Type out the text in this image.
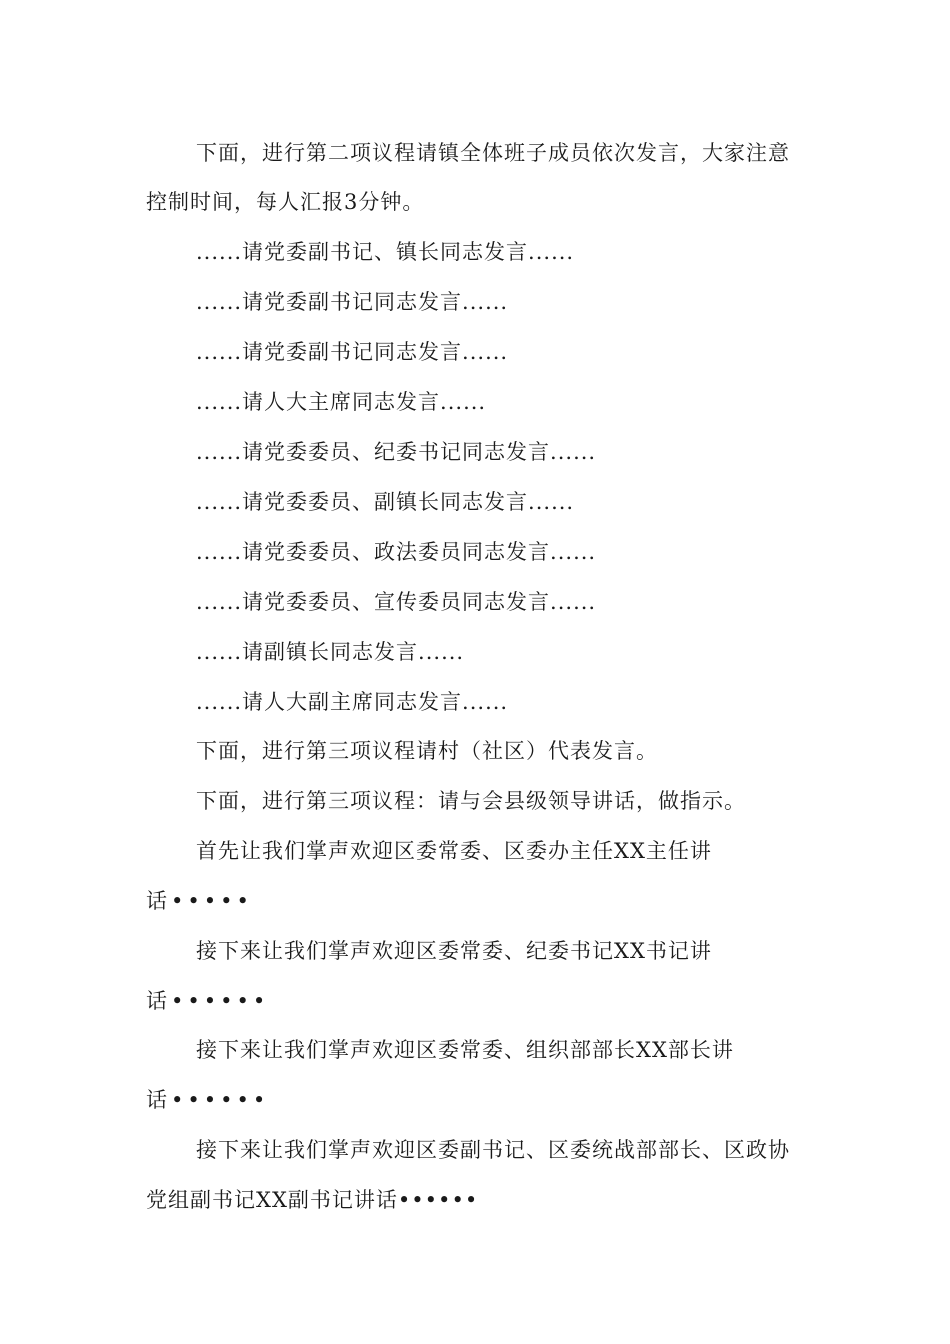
下面，进行第二项议程请镇全体班子成员依次发言，大家注意
控制时间，每人汇报3分钟。
......请党委副书记、镇长同志发言......
......请党委副书记同志发言......
......请党委副书记同志发言......
......请人大主席同志发言......
......请党委委员、纪委书记同志发言......
......请党委委员、副镇长同志发言......
......请党委委员、政法委员同志发言......
......请党委委员、宣传委员同志发言......
......请副镇长同志发言......
......请人大副主席同志发言......
下面，进行第三项议程请村（社区）代表发言。
下面，进行第三项议程：请与会县级领导讲话，做指示。
首先让我们掌声欢迎区委常委、区委办主任XX主任讲
话•••••
接下来让我们掌声欢迎区委常委、纪委书记XX书记讲
话••••••
接下来让我们掌声欢迎区委常委、组织部部长XX部长讲
话••••••
接下来让我们掌声欢迎区委副书记、区委统战部部长、区政协
党组副书记XX副书记讲话••••••
